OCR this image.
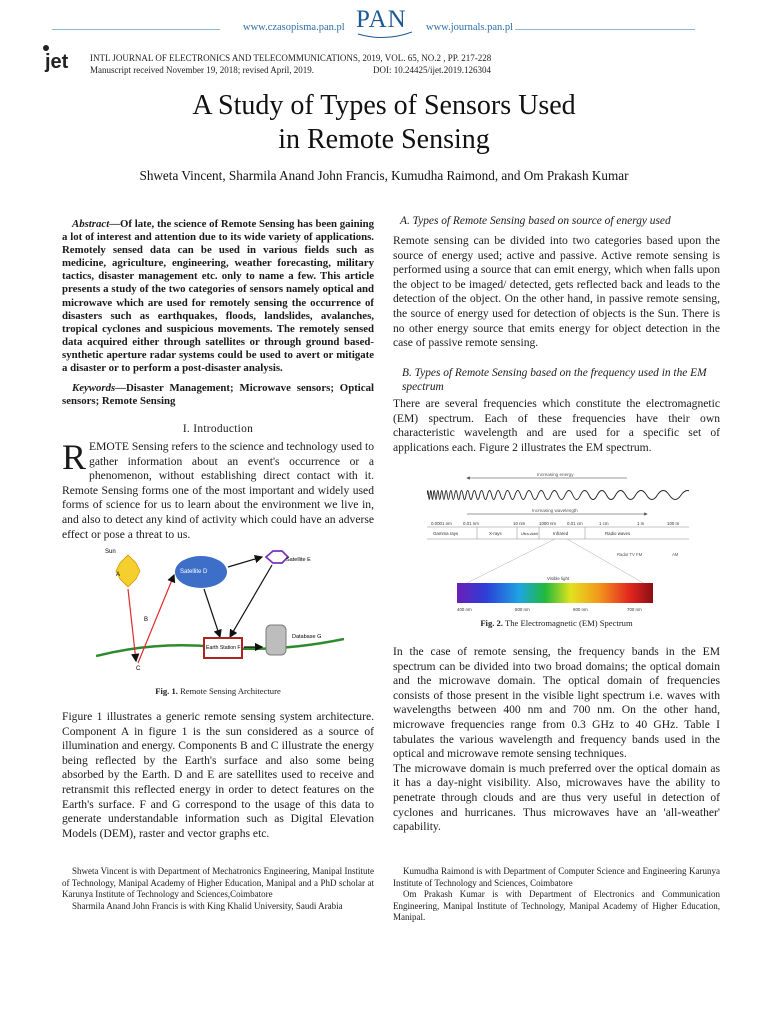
www.czasopisma.pan.pl PAN www.journals.pan.pl
jet INTL JOURNAL OF ELECTRONICS AND TELECOMMUNICATIONS, 2019, VOL. 65, NO.2 , PP. 217-228
Manuscript received November 19, 2018; revised April, 2019.	DOI: 10.24425/ijet.2019.126304
A Study of Types of Sensors Used
in Remote Sensing
Shweta Vincent, Sharmila Anand John Francis, Kumudha Raimond, and Om Prakash Kumar
Abstract—Of late, the science of Remote Sensing has been gaining a lot of interest and attention due to its wide variety of applications. Remotely sensed data can be used in various fields such as medicine, agriculture, engineering, weather forecasting, military tactics, disaster management etc. only to name a few. This article presents a study of the two categories of sensors namely optical and microwave which are used for remotely sensing the occurrence of disasters such as earthquakes, floods, landslides, avalanches, tropical cyclones and suspicious movements. The remotely sensed data acquired either through satellites or through ground based- synthetic aperture radar systems could be used to avert or mitigate a disaster or to perform a post-disaster analysis.
Keywords—Disaster Management; Microwave sensors; Optical sensors; Remote Sensing
I. Introduction
REMOTE Sensing refers to the science and technology used to gather information about an event's occurrence or a phenomenon, without establishing direct contact with it. Remote Sensing forms one of the most important and widely used forms of science for us to learn about the environment we live in, and also to detect any kind of activity which could have an adverse effect or pose a threat to us.
Sun
A
B
C
Satellite D
Satellite E
Earth Station F
Database G
Fig. 1. Remote Sensing Architecture

Figure 1 illustrates a generic remote sensing system architecture. Component A in figure 1 is the sun considered as a source of illumination and energy. Components B and C illustrate the energy being reflected by the Earth's surface and also some being absorbed by the Earth. D and E are satellites used to receive and retransmit this reflected energy in order to detect features on the Earth's surface. F and G correspond to the usage of this data to generate understandable information such as Digital Elevation Models (DEM), raster and vector graphs etc.

A. Types of Remote Sensing based on source of energy used

Remote sensing can be divided into two categories based upon the source of energy used; active and passive. Active remote sensing is performed using a source that can emit energy, which when falls upon the object to be imaged/ detected, gets reflected back and leads to the detection of the object. On the other hand, in passive remote sensing, the source of energy used for detection of objects is the Sun. There is no other energy source that emits energy for object detection in the case of passive remote sensing.

B. Types of Remote Sensing based on the frequency used in the EM spectrum

There are several frequencies which constitute the electromagnetic (EM) spectrum. Each of these frequencies have their own characteristic wavelength and are used for a specific set of applications each. Figure 2 illustrates the EM spectrum.

Increasing energy
Increasing wavelength
0.0001 nm	0.01 nm	10 nm	1000 nm 0.01 cm	1 cm	1 m	100 m
Gamma rays	X-rays	Ultra-violet	Infrared	Radio waves
Radar TV FM	AM
Visible light
400 nm	500 nm	600 nm	700 nm
Fig. 2. The Electromagnetic (EM) Spectrum

In the case of remote sensing, the frequency bands in the EM spectrum can be divided into two broad domains; the optical domain and the microwave domain. The optical domain of frequencies consists of those present in the visible light spectrum i.e. waves with wavelengths between 400 nm and 700 nm. On the other hand, microwave frequencies range from 0.3 GHz to 40 GHz. Table I tabulates the various wavelength and frequency bands used in the optical and microwave remote sensing techniques.

The microwave domain is much preferred over the optical domain as it has a day-night visibility. Also, microwaves have the ability to penetrate through clouds and are thus very useful in detection of cyclones and hurricanes. Thus microwaves have an 'all-weather' capability.

Shweta Vincent is with Department of Mechatronics Engineering, Manipal Institute of Technology, Manipal Academy of Higher Education, Manipal and a PhD scholar at Karunya Institute of Technology and Sciences,Coimbatore

Sharmila Anand John Francis is with King Khalid University, Saudi Arabia

Kumudha Raimond is with Department of Computer Science and Engineering Karunya Institute of Technology and Sciences, Coimbatore

Om Prakash Kumar is with Department of Electronics and Communication Engineering, Manipal Institute of Technology, Manipal Academy of Higher Education, Manipal.
